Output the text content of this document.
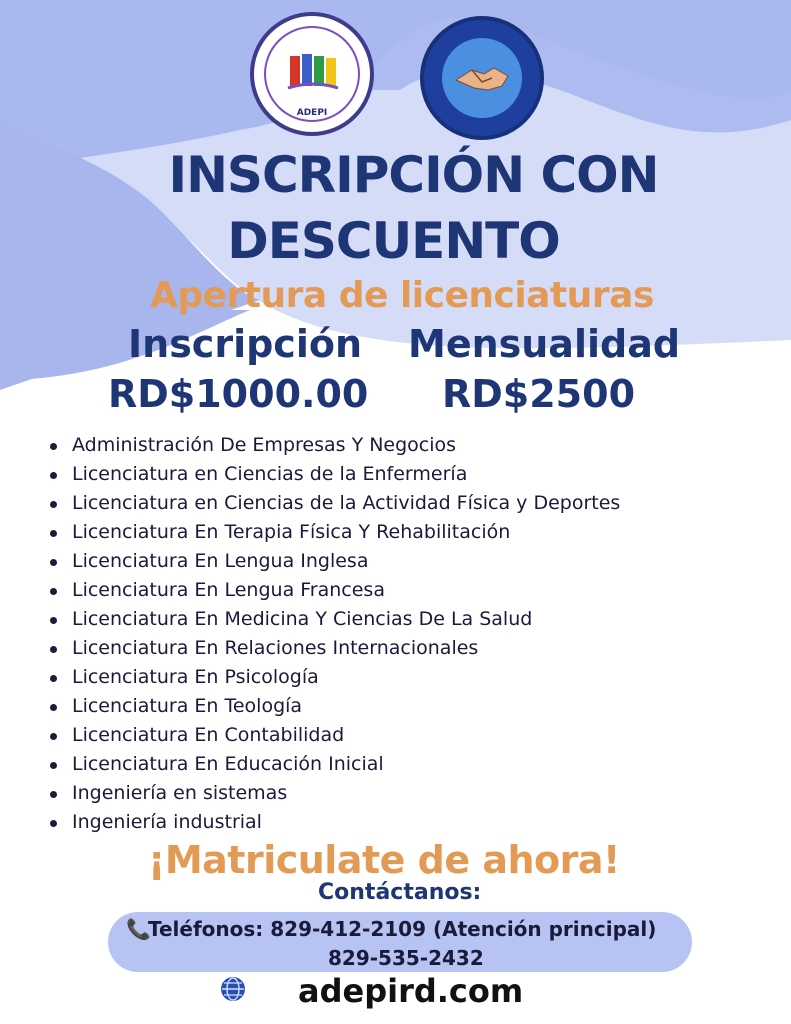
ADEPI
INSCRIPCIÓN CON
DESCUENTO
Apertura de licenciaturas
Inscripción Mensualidad
RD$1000.00 RD$2500
Administración De Empresas Y Negocios
Licenciatura en Ciencias de la Enfermería
Licenciatura en Ciencias de la Actividad Física y Deportes
Licenciatura En Terapia Física Y Rehabilitación
Licenciatura En Lengua Inglesa
Licenciatura En Lengua Francesa
Licenciatura En Medicina Y Ciencias De La Salud
Licenciatura En Relaciones Internacionales
Licenciatura En Psicología
Licenciatura En Teología
Licenciatura En Contabilidad
Licenciatura En Educación Inicial
Ingeniería en sistemas
Ingeniería industrial
¡Matriculate de ahora!
Contáctanos:
📞Teléfonos: 829-412-2109 (Atención principal)
829-535-2432
adepird.com
